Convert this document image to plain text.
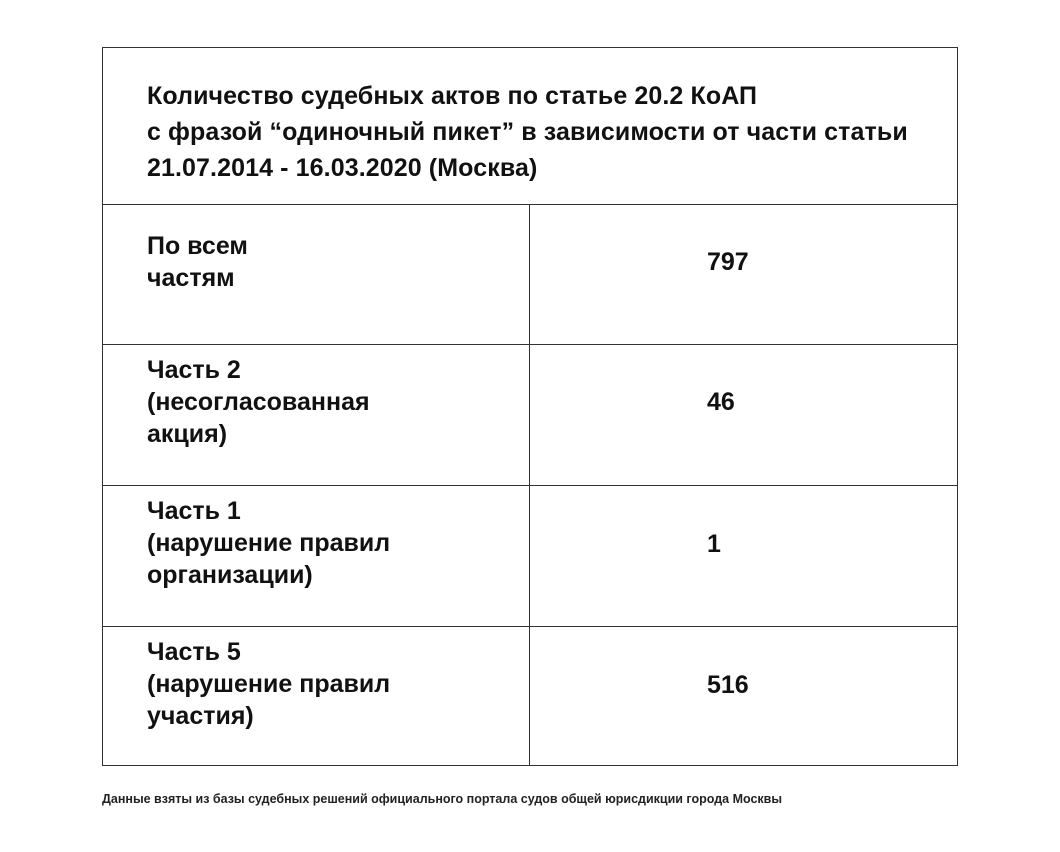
Количество судебных актов по статье 20.2 КоАП
с фразой “одиночный пикет” в зависимости от части статьи
21.07.2014 - 16.03.2020 (Москва)
По всем
частям
797
Часть 2
(несогласованная
акция)
46
Часть 1
(нарушение правил
организации)
1
Часть 5
(нарушение правил
участия)
516
Данные взяты из базы судебных решений официального портала судов общей юрисдикции города Москвы
